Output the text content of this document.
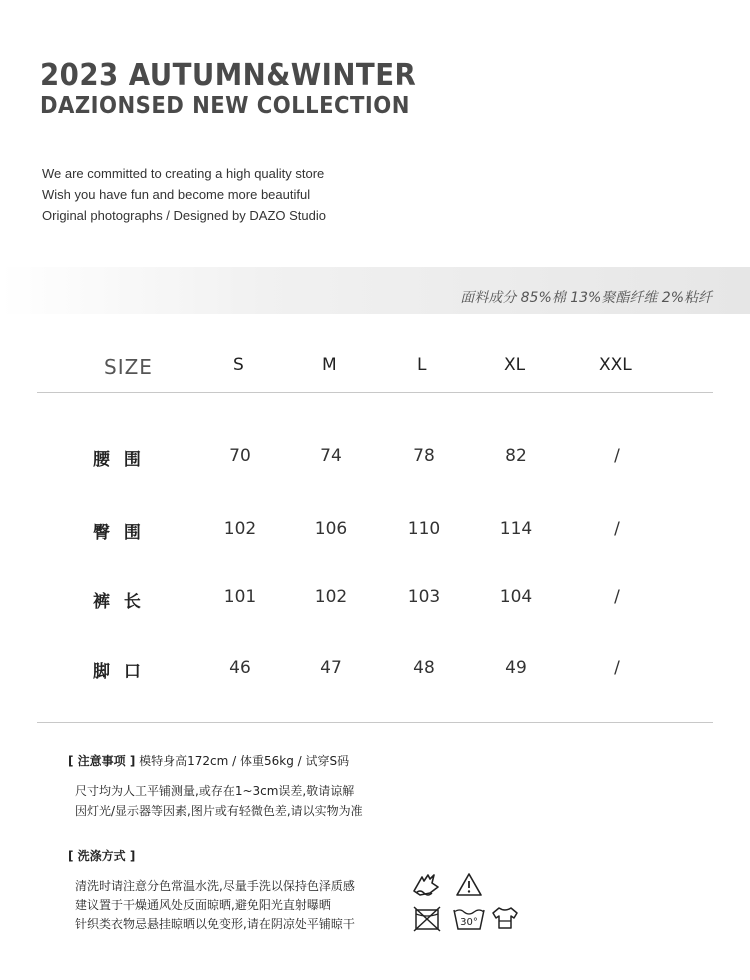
2023 AUTUMN&WINTER
DAZIONSED NEW COLLECTION
We are committed to creating a high quality store
Wish you have fun and become more beautiful
Original photographs / Designed by DAZO Studio
面料成分 85%棉 13%聚酯纤维 2%粘纤
SIZE	S	M	L	XL	XXL
腰 围	70	74	78	82	/
臀 围	102	106	110	114	/
裤 长	101	102	103	104	/
脚 口	46	47	48	49	/
[ 注意事项 ] 模特身高172cm / 体重56kg / 试穿S码
尺寸均为人工平铺测量,或存在1~3cm误差,敬请谅解
因灯光/显示器等因素,图片或有轻微色差,请以实物为准
[ 洗涤方式 ]
清洗时请注意分色常温水洗,尽量手洗以保持色泽质感
建议置于干燥通风处反面晾晒,避免阳光直射曝晒
针织类衣物忌悬挂晾晒以免变形,请在阴凉处平铺晾干	30°
